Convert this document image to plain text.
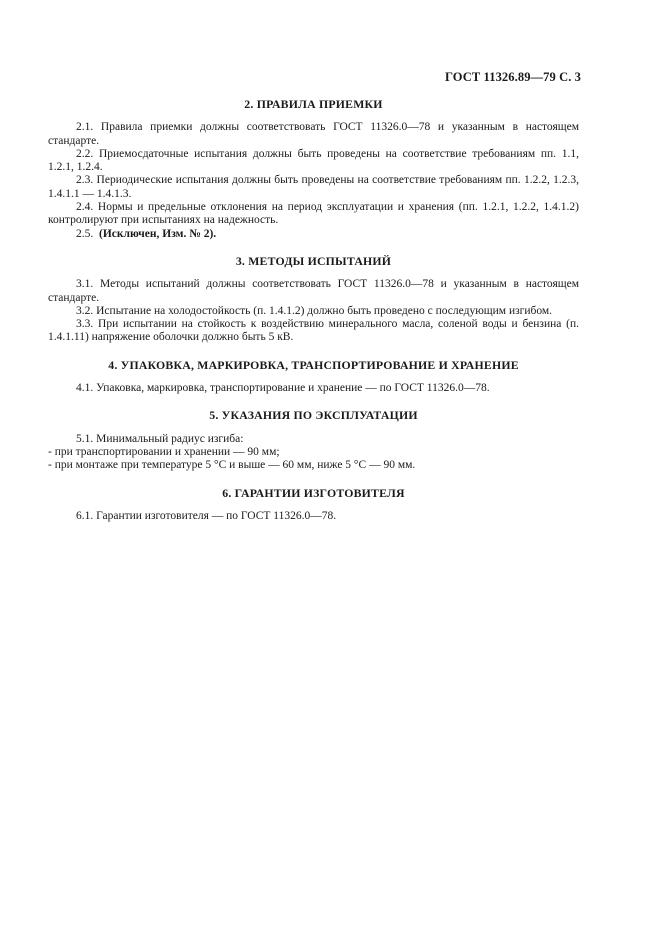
ГОСТ 11326.89—79 С. 3
2. ПРАВИЛА ПРИЕМКИ

2.1. Правила приемки должны соответствовать ГОСТ 11326.0—78 и указанным в настоящем стандарте.

2.2. Приемосдаточные испытания должны быть проведены на соответствие требованиям пп. 1.1, 1.2.1, 1.2.4.

2.3. Периодические испытания должны быть проведены на соответствие требованиям пп. 1.2.2, 1.2.3, 1.4.1.1 — 1.4.1.3.

2.4. Нормы и предельные отклонения на период эксплуатации и хранения (пп. 1.2.1, 1.2.2, 1.4.1.2) контролируют при испытаниях на надежность.

2.5. (Исключен, Изм. № 2).

3. МЕТОДЫ ИСПЫТАНИЙ

3.1. Методы испытаний должны соответствовать ГОСТ 11326.0—78 и указанным в настоящем стандарте.

3.2. Испытание на холодостойкость (п. 1.4.1.2) должно быть проведено с последующим изгибом.

3.3. При испытании на стойкость к воздействию минерального масла, соленой воды и бензина (п. 1.4.1.11) напряжение оболочки должно быть 5 кВ.

4. УПАКОВКА, МАРКИРОВКА, ТРАНСПОРТИРОВАНИЕ И ХРАНЕНИЕ

4.1. Упаковка, маркировка, транспортирование и хранение — по ГОСТ 11326.0—78.

5. УКАЗАНИЯ ПО ЭКСПЛУАТАЦИИ

5.1. Минимальный радиус изгиба:

- при транспортировании и хранении — 90 мм;

- при монтаже при температуре 5 °С и выше — 60 мм, ниже 5 °С — 90 мм.

6. ГАРАНТИИ ИЗГОТОВИТЕЛЯ

6.1. Гарантии изготовителя — по ГОСТ 11326.0—78.
